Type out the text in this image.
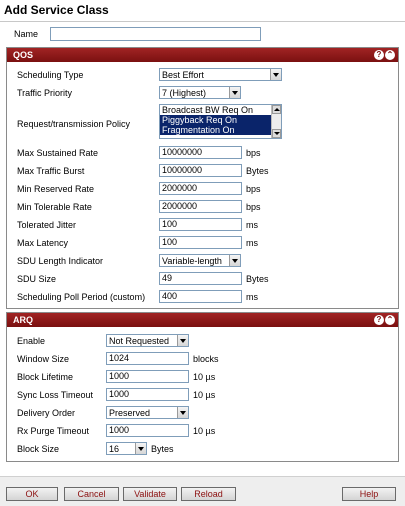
Add Service Class
Name
QOS	? ⌃
Scheduling Type	Best Effort
Traffic Priority	7 (Highest)
Request/transmission Policy
Broadcast BW Req On
Piggyback Req On
Fragmentation On
Max Sustained Rate	10000000	bps
Max Traffic Burst	10000000	Bytes
Min Reserved Rate	2000000	bps
Min Tolerable Rate	2000000	bps
Tolerated Jitter	100	ms
Max Latency	100	ms
SDU Length Indicator	Variable-length
SDU Size	49	Bytes
Scheduling Poll Period (custom)	400	ms
ARQ	? ⌃
Enable	Not Requested
Window Size	1024	blocks
Block Lifetime	1000	10 µs
Sync Loss Timeout	1000	10 µs
Delivery Order	Preserved
Rx Purge Timeout	1000	10 µs
Block Size	16	Bytes
OK	Cancel	Validate	Reload	Help
